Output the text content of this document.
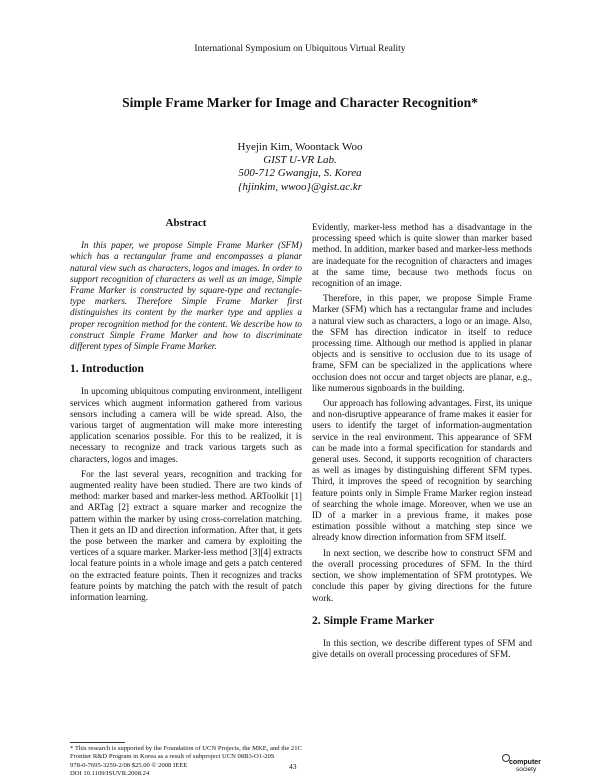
International Symposium on Ubiquitous Virtual Reality
Simple Frame Marker for Image and Character Recognition*
Hyejin Kim, Woontack Woo
GIST U-VR Lab.
500-712 Gwangju, S. Korea
{hjinkim, wwoo}@gist.ac.kr
Abstract

In this paper, we propose Simple Frame Marker (SFM) which has a rectangular frame and encompasses a planar natural view such as characters, logos and images. In order to support recognition of characters as well as an image, Simple Frame Marker is constructed by square-type and rectangle-type markers. Therefore Simple Frame Marker first distinguishes its content by the marker type and applies a proper recognition method for the content. We describe how to construct Simple Frame Marker and how to discriminate different types of Simple Frame Marker.

1. Introduction

In upcoming ubiquitous computing environment, intelligent services which augment information gathered from various sensors including a camera will be wide spread. Also, the various target of augmentation will make more interesting application scenarios possible. For this to be realized, it is necessary to recognize and track various targets such as characters, logos and images.

For the last several years, recognition and tracking for augmented reality have been studied. There are two kinds of method: marker based and marker-less method. ARToolkit [1] and ARTag [2] extract a square marker and recognize the pattern within the marker by using cross-correlation matching. Then it gets an ID and direction information. After that, it gets the pose between the marker and camera by exploiting the vertices of a square marker. Marker-less method [3][4] extracts local feature points in a whole image and gets a patch centered on the extracted feature points. Then it recognizes and tracks feature points by matching the patch with the result of patch information learning.

Evidently, marker-less method has a disadvantage in the processing speed which is quite slower than marker based method. In addition, marker based and marker-less methods are inadequate for the recognition of characters and images at the same time, because two methods focus on recognition of an image.

Therefore, in this paper, we propose Simple Frame Marker (SFM) which has a rectangular frame and includes a natural view such as characters, a logo or an image. Also, the SFM has direction indicator in itself to reduce processing time. Although our method is applied in planar objects and is sensitive to occlusion due to its usage of frame, SFM can be specialized in the applications where occlusion does not occur and target objects are planar, e.g., like numerous signboards in the building.

Our approach has following advantages. First, its unique and non-disruptive appearance of frame makes it easier for users to identify the target of information-augmentation service in the real environment. This appearance of SFM can be made into a formal specification for standards and general uses. Second, it supports recognition of characters as well as images by distinguishing different SFM types. Third, it improves the speed of recognition by searching feature points only in Simple Frame Marker region instead of searching the whole image. Moreover, when we use an ID of a marker in a previous frame, it makes pose estimation possible without a matching step since we already know direction information from SFM itself.

In next section, we describe how to construct SFM and the overall processing procedures of SFM. In the third section, we show implementation of SFM prototypes. We conclude this paper by giving directions for the future work.

2. Simple Frame Marker

In this section, we describe different types of SFM and give details on overall processing procedures of SFM.

* This research is supported by the Foundation of UCN Projects, the MKE, and the 21C Frontier R&D Program in Korea as a result of subproject UCN 08B3-O1-20S
978-0-7695-3259-2/08 $25.00 © 2008 IEEE
DOI 10.1109/ISUVR.2008.24
43	computer
society
